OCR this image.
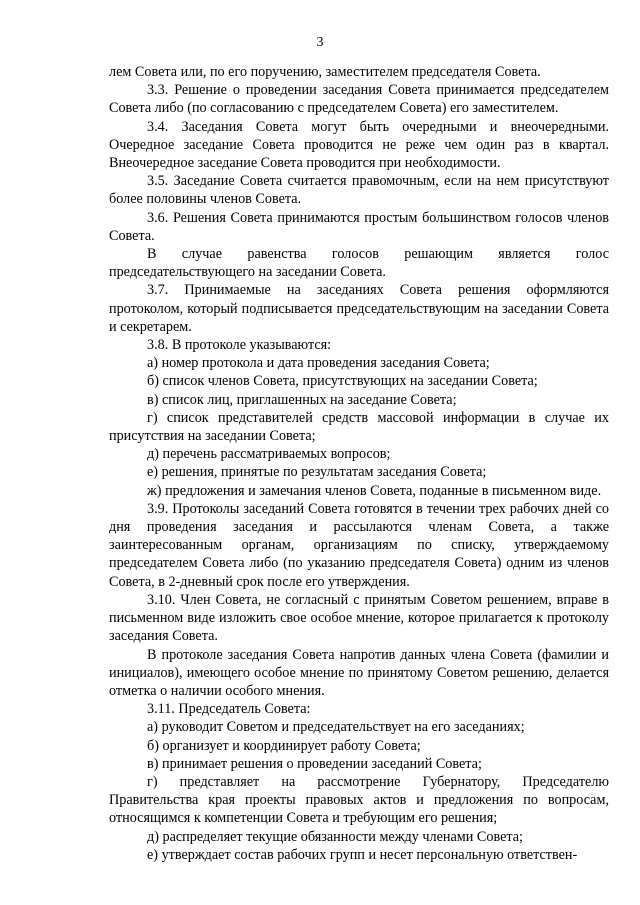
3

лем Совета или, по его поручению, заместителем председателя Совета.

3.3. Решение о проведении заседания Совета принимается председателем Совета либо (по согласованию с председателем Совета) его заместителем.

3.4. Заседания Совета могут быть очередными и внеочередными. Очередное заседание Совета проводится не реже чем один раз в квартал. Внеочередное заседание Совета проводится при необходимости.

3.5. Заседание Совета считается правомочным, если на нем присутствуют более половины членов Совета.

3.6. Решения Совета принимаются простым большинством голосов членов Совета.

В случае равенства голосов решающим является голос председательствующего на заседании Совета.

3.7. Принимаемые на заседаниях Совета решения оформляются протоколом, который подписывается председательствующим на заседании Совета и секретарем.

3.8. В протоколе указываются:

а) номер протокола и дата проведения заседания Совета;

б) список членов Совета, присутствующих на заседании Совета;

в) список лиц, приглашенных на заседание Совета;

г) список представителей средств массовой информации в случае их присутствия на заседании Совета;

д) перечень рассматриваемых вопросов;

е) решения, принятые по результатам заседания Совета;

ж) предложения и замечания членов Совета, поданные в письменном виде.

3.9. Протоколы заседаний Совета готовятся в течении трех рабочих дней со дня проведения заседания и рассылаются членам Совета, а также заинтересованным органам, организациям по списку, утверждаемому председателем Совета либо (по указанию председателя Совета) одним из членов Совета, в 2-дневный срок после его утверждения.

3.10. Член Совета, не согласный с принятым Советом решением, вправе в письменном виде изложить свое особое мнение, которое прилагается к протоколу заседания Совета.

В протоколе заседания Совета напротив данных члена Совета (фамилии и инициалов), имеющего особое мнение по принятому Советом решению, делается отметка о наличии особого мнения.

3.11. Председатель Совета:

а) руководит Советом и председательствует на его заседаниях;

б) организует и координирует работу Совета;

в) принимает решения о проведении заседаний Совета;

г) представляет на рассмотрение Губернатору, Председателю Правительства края проекты правовых актов и предложения по вопросам, относящимся к компетенции Совета и требующим его решения;

д) распределяет текущие обязанности между членами Совета;

е) утверждает состав рабочих групп и несет персональную ответствен-
